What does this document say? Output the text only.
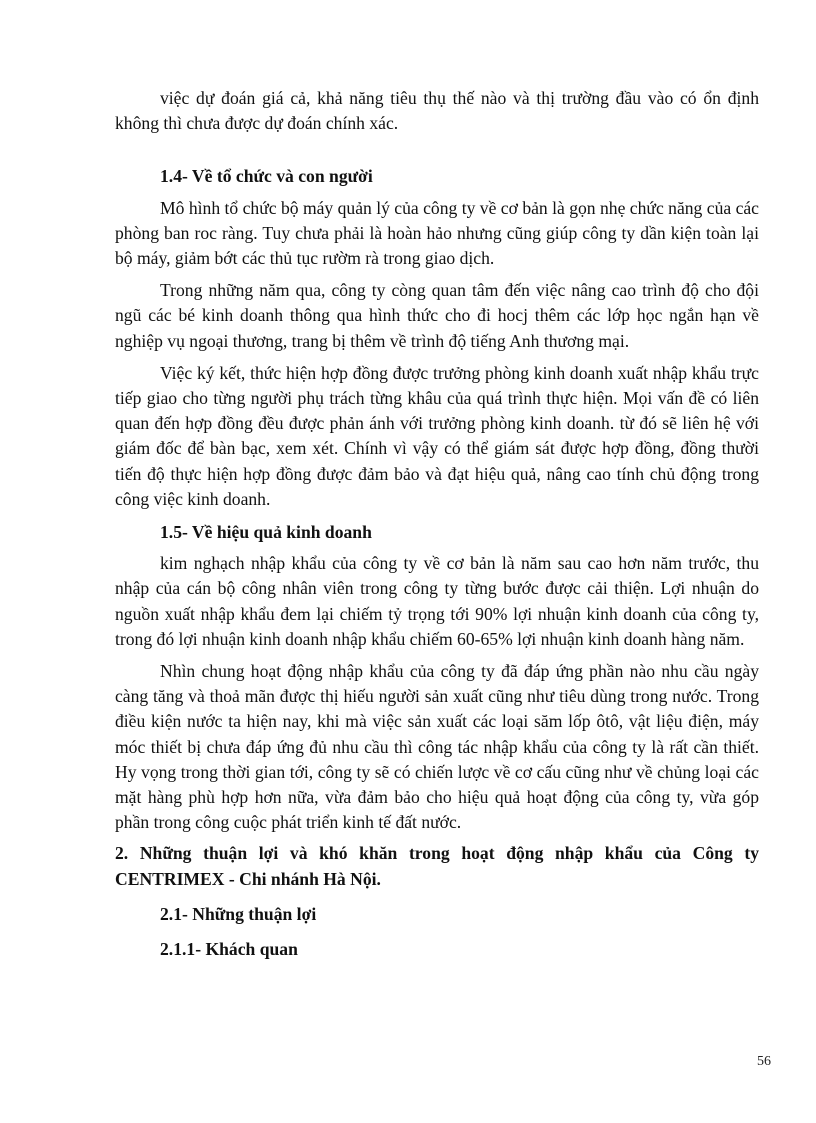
việc dự đoán giá cả, khả năng tiêu thụ thế nào và thị trường đầu vào có ổn định không thì chưa được dự đoán chính xác.

1.4- Về tổ chức và con người

Mô hình tổ chức bộ máy quản lý của công ty về cơ bản là gọn nhẹ chức năng của các phòng ban roc ràng. Tuy chưa phải là hoàn hảo nhưng cũng giúp công ty dần kiện toàn lại bộ máy, giảm bớt các thủ tục rườm rà trong giao dịch.

Trong những năm qua, công ty còng quan tâm đến việc nâng cao trình độ cho đội ngũ các bé kinh doanh thông qua hình thức cho đi hocj thêm các lớp học ngắn hạn về nghiệp vụ ngoại thương, trang bị thêm về trình độ tiếng Anh thương mại.

Việc ký kết, thức hiện hợp đồng được trưởng phòng kinh doanh xuất nhập khẩu trực tiếp giao cho từng người phụ trách từng khâu của quá trình thực hiện. Mọi vấn đề có liên quan đến hợp đồng đều được phản ánh với trưởng phòng kinh doanh. từ đó sẽ liên hệ với giám đốc để bàn bạc, xem xét. Chính vì vậy có thể giám sát được hợp đồng, đồng thười tiến độ thực hiện hợp đồng được đảm bảo và đạt hiệu quả, nâng cao tính chủ động trong công việc kinh doanh.

1.5- Về hiệu quả kinh doanh

kim nghạch nhập khẩu của công ty về cơ bản là năm sau cao hơn năm trước, thu nhập của cán bộ công nhân viên trong công ty từng bước được cải thiện. Lợi nhuận do nguồn xuất nhập khẩu đem lại chiếm tỷ trọng tới 90% lợi nhuận kinh doanh của công ty, trong đó lợi nhuận kinh doanh nhập khẩu chiếm 60-65% lợi nhuận kinh doanh hàng năm.

Nhìn chung hoạt động nhập khẩu của công ty đã đáp ứng phần nào nhu cầu ngày càng tăng và thoả mãn được thị hiếu người sản xuất cũng như tiêu dùng trong nước. Trong điều kiện nước ta hiện nay, khi mà việc sản xuất các loại săm lốp ôtô, vật liệu điện, máy móc thiết bị chưa đáp ứng đủ nhu cầu thì công tác nhập khẩu của công ty là rất cần thiết. Hy vọng trong thời gian tới, công ty sẽ có chiến lược về cơ cấu cũng như về chủng loại các mặt hàng phù hợp hơn nữa, vừa đảm bảo cho hiệu quả hoạt động của công ty, vừa góp phần trong công cuộc phát triển kinh tế đất nước.

2. Những thuận lợi và khó khăn trong hoạt động nhập khẩu của Công ty CENTRIMEX - Chi nhánh Hà Nội.

2.1- Những thuận lợi

2.1.1- Khách quan

56
